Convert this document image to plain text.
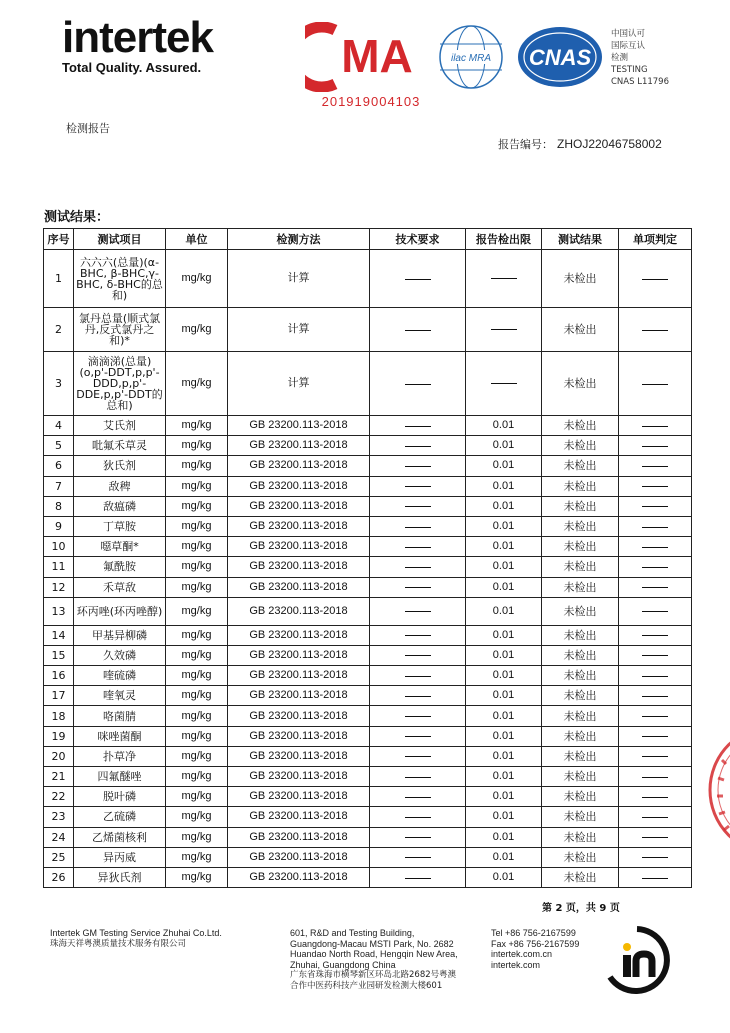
intertek
Total Quality. Assured.	MA
201919004103
ilac MRA CNAS
中国认可
国际互认
检测
TESTING
CNAS L11796
检测报告
报告编号： ZHOJ22046758002
测试结果：
序号	测试项目	单位	检测方法	技术要求	报告检出限	测试结果	单项判定
1	六六六(总量)(α-BHC, β-BHC,γ-BHC, δ-BHC的总和)	mg/kg	计算			未检出	
2	氯丹总量(顺式氯丹,反式氯丹之和)*	mg/kg	计算			未检出	
3	滴滴涕(总量)(o,p'-DDT,p,p'-DDD,p,p'-DDE,p,p'-DDT的总和)	mg/kg	计算			未检出	
4	艾氏剂	mg/kg	GB 23200.113-2018		0.01	未检出	
5	吡氟禾草灵	mg/kg	GB 23200.113-2018		0.01	未检出	
6	狄氏剂	mg/kg	GB 23200.113-2018		0.01	未检出	
7	敌稗	mg/kg	GB 23200.113-2018		0.01	未检出	
8	敌瘟磷	mg/kg	GB 23200.113-2018		0.01	未检出	
9	丁草胺	mg/kg	GB 23200.113-2018		0.01	未检出	
10	噁草酮*	mg/kg	GB 23200.113-2018		0.01	未检出	
11	氟酰胺	mg/kg	GB 23200.113-2018		0.01	未检出	
12	禾草敌	mg/kg	GB 23200.113-2018		0.01	未检出	
13	环丙唑(环丙唑醇)	mg/kg	GB 23200.113-2018		0.01	未检出	
14	甲基异柳磷	mg/kg	GB 23200.113-2018		0.01	未检出	
15	久效磷	mg/kg	GB 23200.113-2018		0.01	未检出	
16	喹硫磷	mg/kg	GB 23200.113-2018		0.01	未检出	
17	喹氧灵	mg/kg	GB 23200.113-2018		0.01	未检出	
18	咯菌腈	mg/kg	GB 23200.113-2018		0.01	未检出	
19	咪唑菌酮	mg/kg	GB 23200.113-2018		0.01	未检出	
20	扑草净	mg/kg	GB 23200.113-2018		0.01	未检出	
21	四氟醚唑	mg/kg	GB 23200.113-2018		0.01	未检出	
22	脱叶磷	mg/kg	GB 23200.113-2018		0.01	未检出	
23	乙硫磷	mg/kg	GB 23200.113-2018		0.01	未检出	
24	乙烯菌核利	mg/kg	GB 23200.113-2018		0.01	未检出	
25	异丙威	mg/kg	GB 23200.113-2018		0.01	未检出	
26	异狄氏剂	mg/kg	GB 23200.113-2018		0.01	未检出	
第 2 页，共 9 页
Intertek GM Testing Service Zhuhai Co.Ltd.
珠海天祥粤澳质量技术服务有限公司
601, R&D and Testing Building,
Guangdong-Macau MSTI Park, No. 2682
Huandao North Road, Hengqin New Area,
Zhuhai, Guangdong China
广东省珠海市横琴新区环岛北路2682号粤澳
合作中医药科技产业园研发检测大楼601
Tel +86 756-2167599
Fax +86 756-2167599
intertek.com.cn
intertek.com
